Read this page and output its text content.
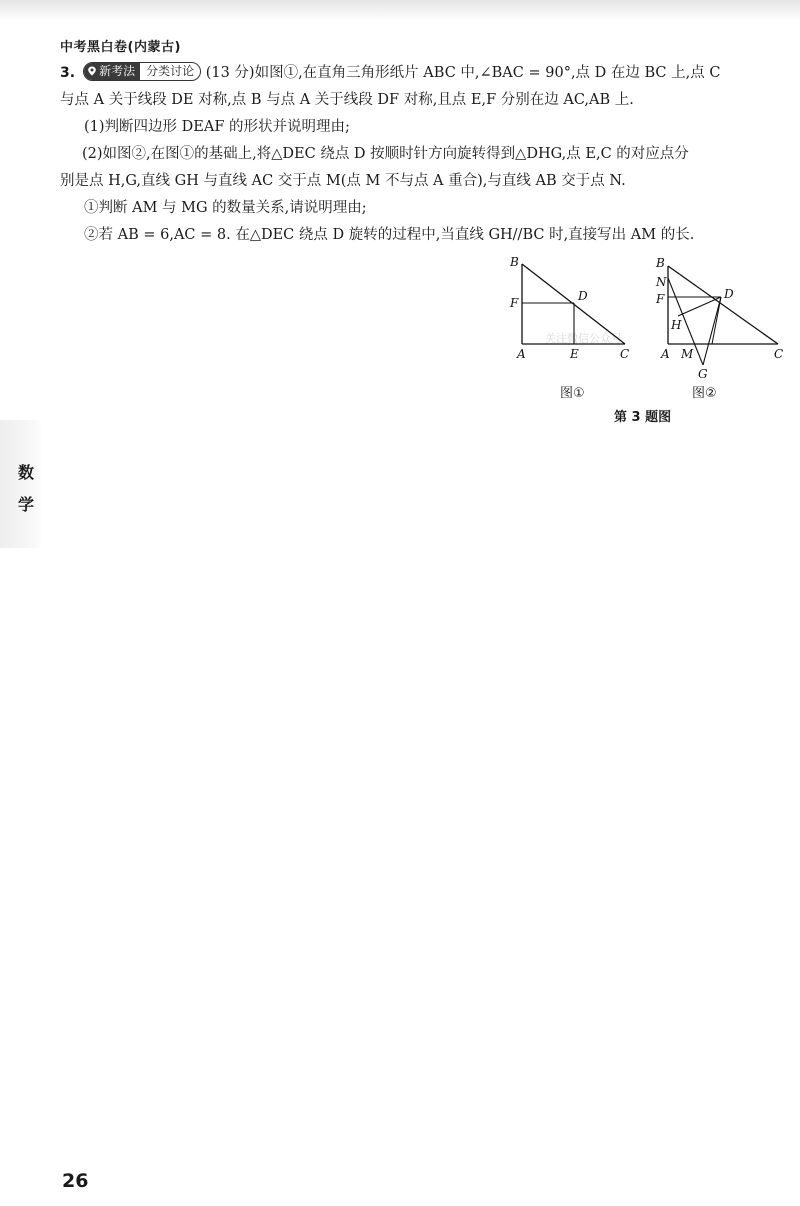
中考黑白卷(内蒙古)
3. 新考法 分类讨论 (13 分)如图①,在直角三角形纸片 ABC 中,∠BAC = 90°,点 D 在边 BC 上,点 C
与点 A 关于线段 DE 对称,点 B 与点 A 关于线段 DF 对称,且点 E,F 分别在边 AC,AB 上.
(1)判断四边形 DEAF 的形状并说明理由;
(2)如图②,在图①的基础上,将△DEC 绕点 D 按顺时针方向旋转得到△DHG,点 E,C 的对应点分
别是点 H,G,直线 GH 与直线 AC 交于点 M(点 M 不与点 A 重合),与直线 AB 交于点 N.
①判断 AM 与 MG 的数量关系,请说明理由;
②若 AB = 6,AC = 8. 在△DEC 绕点 D 旋转的过程中,当直线 GH//BC 时,直接写出 AM 的长.
关注微信公众号
B
F	D
A	E	C
B
N
F
H
D
A M
G
C
图①	图②
第 3 题图
数
学
26
